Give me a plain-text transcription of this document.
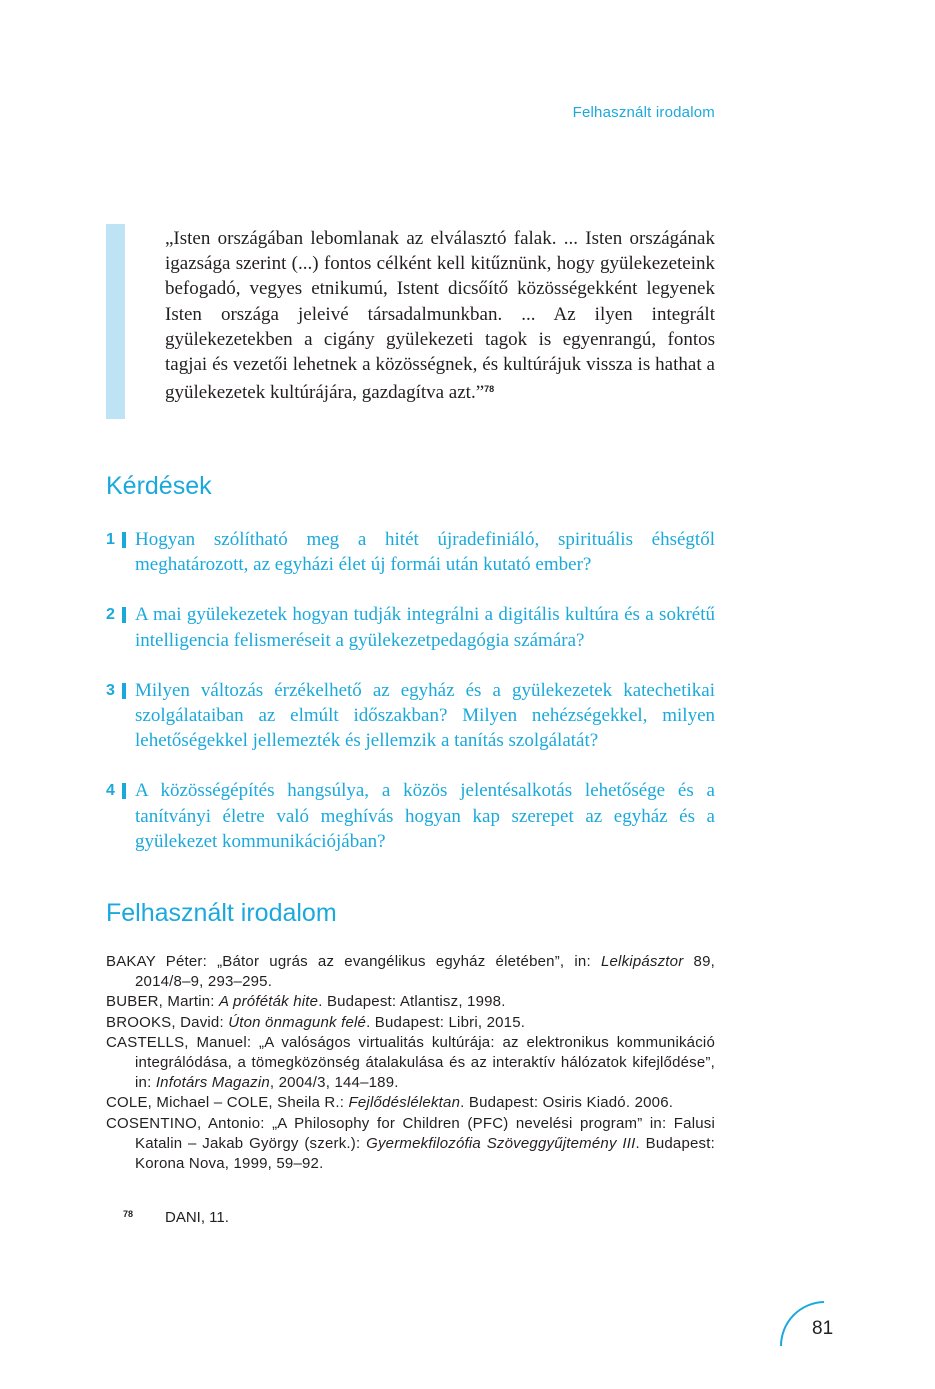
Felhasznált irodalom
„Isten országában lebomlanak az elválasztó falak. ... Isten országának igazsága szerint (...) fontos célként kell kitűznünk, hogy gyülekezeteink befogadó, vegyes etnikumú, Istent dicsőítő közösségekként legyenek Isten országa jeleivé társadalmunkban. ... Az ilyen integrált gyülekezetekben a cigány gyülekezeti tagok is egyenrangú, fontos tagjai és vezetői lehetnek a közösségnek, és kultúrájuk vissza is hathat a gyülekezetek kultúrájára, gazdagítva azt.”$^{78}$
Kérdések
1 Hogyan szólítható meg a hitét újradefiniáló, spirituális éhségtől meghatározott, az egyházi élet új formái után kutató ember?
2 A mai gyülekezetek hogyan tudják integrálni a digitális kultúra és a sokrétű intelligencia felismeréseit a gyülekezetpedagógia számára?
3 Milyen változás érzékelhető az egyház és a gyülekezetek katechetikai szolgálataiban az elmúlt időszakban? Milyen nehézségekkel, milyen lehetőségekkel jellemezték és jellemzik a tanítás szolgálatát?
4 A közösségépítés hangsúlya, a közös jelentésalkotás lehetősége és a tanítványi életre való meghívás hogyan kap szerepet az egyház és a gyülekezet kommunikációjában?
Felhasznált irodalom
BAKAY Péter: „Bátor ugrás az evangélikus egyház életében”, in: Lelkipásztor 89, 2014/8–9, 293–295.
BUBER, Martin: A próféták hite. Budapest: Atlantisz, 1998.
BROOKS, David: Úton önmagunk felé. Budapest: Libri, 2015.
CASTELLS, Manuel: „A valóságos virtualitás kultúrája: az elektronikus kommunikáció integrálódása, a tömegközönség átalakulása és az interaktív hálózatok kifejlődése”, in: Infotárs Magazin, 2004/3, 144–189.
COLE, Michael – COLE, Sheila R.: Fejlődéslélektan. Budapest: Osiris Kiadó. 2006.
COSENTINO, Antonio: „A Philosophy for Children (PFC) nevelési program” in: Falusi Katalin – Jakab György (szerk.): Gyermekfilozófia Szöveggyűjtemény III. Budapest: Korona Nova, 1999, 59–92.
78 DANI, 11.
81
